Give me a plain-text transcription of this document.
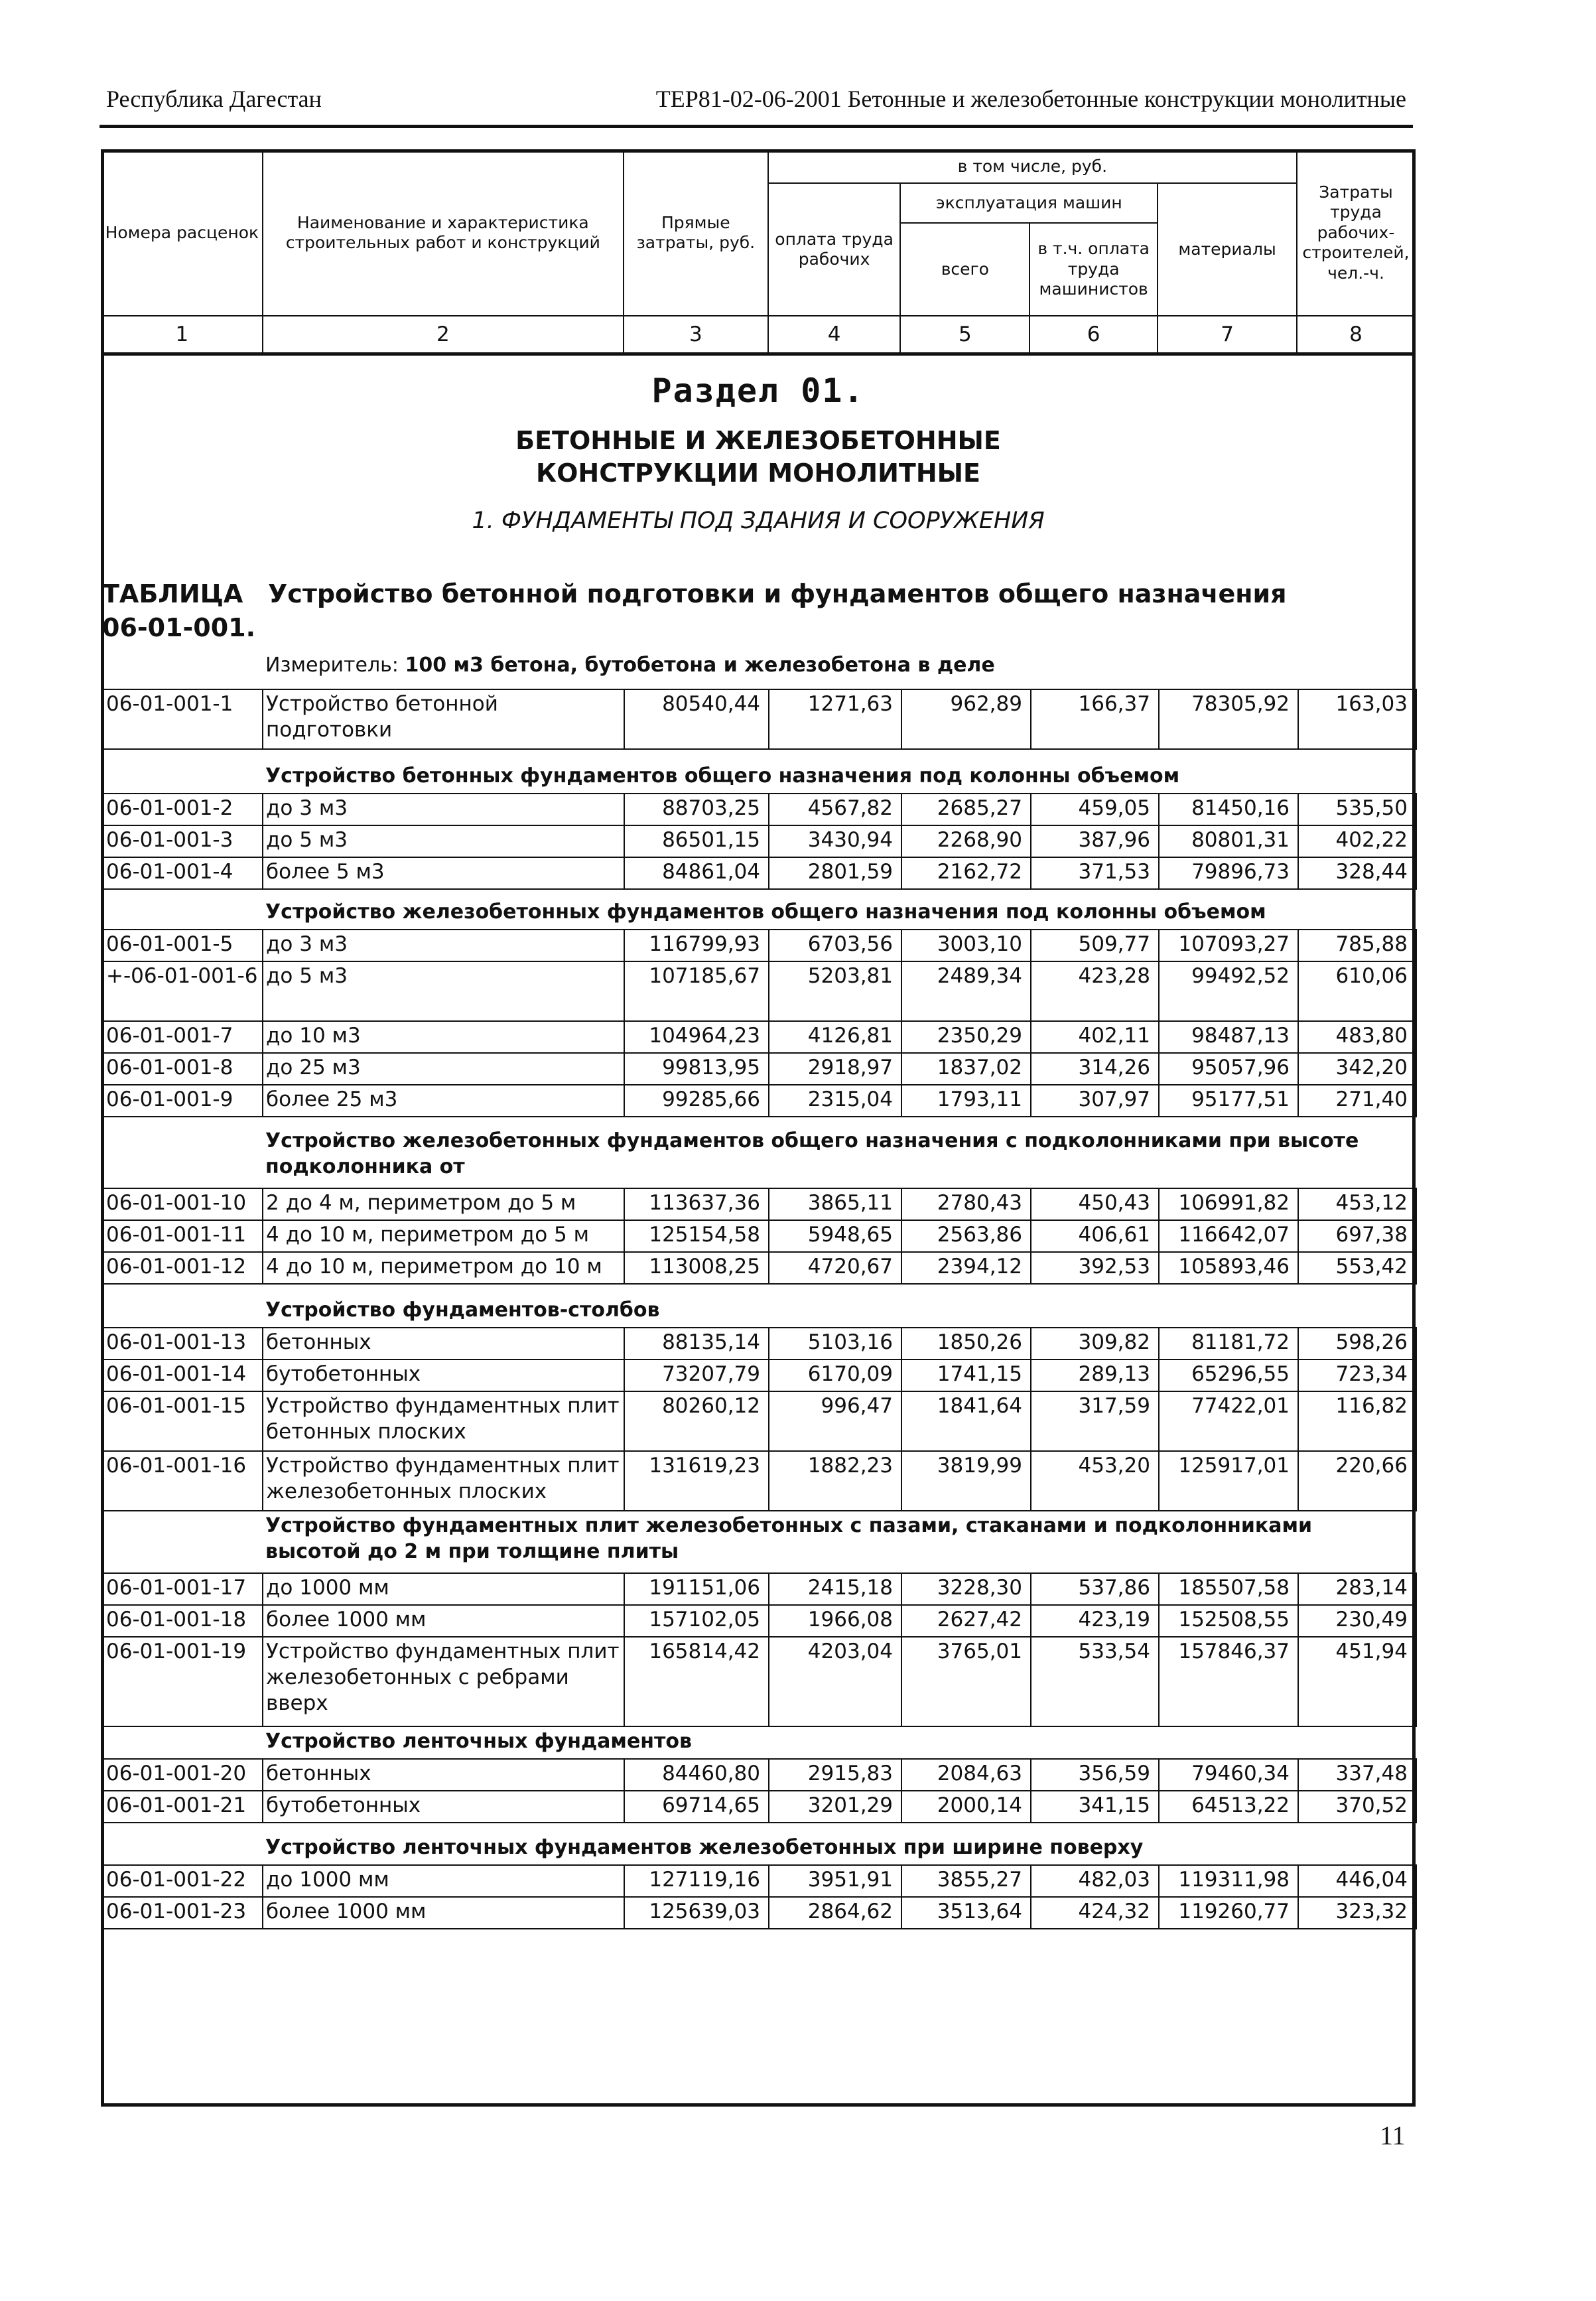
Республика Дагестан	ТЕР81-02-06-2001 Бетонные и железобетонные конструкции монолитные
Номера расценок	Наименование и характеристика строительных работ и конструкций	Прямые затраты, руб.	в том числе, руб.				Затраты труда рабочих-строителей, чел.-ч.
			оплата труда рабочих	эксплуатация машин		материалы	
				всего	в т.ч. оплата труда машинистов		
1	2	3	4	5	6	7	8
Раздел 01.
БЕТОННЫЕ И ЖЕЛЕЗОБЕТОННЫЕ КОНСТРУКЦИИ МОНОЛИТНЫЕ
1. ФУНДАМЕНТЫ ПОД ЗДАНИЯ И СООРУЖЕНИЯ
ТАБЛИЦА 06-01-001.Устройство бетонной подготовки и фундаментов общего назначения
Измеритель: 100 м3 бетона, бутобетона и железобетона в деле
Устройство бетонных фундаментов общего назначения под колонны объемом
Устройство железобетонных фундаментов общего назначения под колонны объемом
Устройство железобетонных фундаментов общего назначения с подколонниками при высоте подколонника от
Устройство фундаментов-столбов
Устройство фундаментных плит железобетонных с пазами, стаканами и подколонниками высотой до 2 м при толщине плиты
Устройство ленточных фундаментов
Устройство ленточных фундаментов железобетонных при ширине поверху
06-01-001-1	Устройство бетонной подготовки	80540,44	1271,63	962,89	166,37	78305,92	163,03
06-01-001-2	до 3 м3	88703,25	4567,82	2685,27	459,05	81450,16	535,50
06-01-001-3	до 5 м3	86501,15	3430,94	2268,90	387,96	80801,31	402,22
06-01-001-4	более 5 м3	84861,04	2801,59	2162,72	371,53	79896,73	328,44
06-01-001-5	до 3 м3	116799,93	6703,56	3003,10	509,77	107093,27	785,88
+-06-01-001-6	до 5 м3	107185,67	5203,81	2489,34	423,28	99492,52	610,06
06-01-001-7	до 10 м3	104964,23	4126,81	2350,29	402,11	98487,13	483,80
06-01-001-8	до 25 м3	99813,95	2918,97	1837,02	314,26	95057,96	342,20
06-01-001-9	более 25 м3	99285,66	2315,04	1793,11	307,97	95177,51	271,40
06-01-001-10	2 до 4 м, периметром до 5 м	113637,36	3865,11	2780,43	450,43	106991,82	453,12
06-01-001-11	4 до 10 м, периметром до 5 м	125154,58	5948,65	2563,86	406,61	116642,07	697,38
06-01-001-12	4 до 10 м, периметром до 10 м	113008,25	4720,67	2394,12	392,53	105893,46	553,42
06-01-001-13	бетонных	88135,14	5103,16	1850,26	309,82	81181,72	598,26
06-01-001-14	бутобетонных	73207,79	6170,09	1741,15	289,13	65296,55	723,34
06-01-001-15	Устройство фундаментных плит бетонных плоских	80260,12	996,47	1841,64	317,59	77422,01	116,82
06-01-001-16	Устройство фундаментных плит железобетонных плоских	131619,23	1882,23	3819,99	453,20	125917,01	220,66
06-01-001-17	до 1000 мм	191151,06	2415,18	3228,30	537,86	185507,58	283,14
06-01-001-18	более 1000 мм	157102,05	1966,08	2627,42	423,19	152508,55	230,49
06-01-001-19	Устройство фундаментных плит железобетонных с ребрами вверх	165814,42	4203,04	3765,01	533,54	157846,37	451,94
06-01-001-20	бетонных	84460,80	2915,83	2084,63	356,59	79460,34	337,48
06-01-001-21	бутобетонных	69714,65	3201,29	2000,14	341,15	64513,22	370,52
06-01-001-22	до 1000 мм	127119,16	3951,91	3855,27	482,03	119311,98	446,04
06-01-001-23	более 1000 мм	125639,03	2864,62	3513,64	424,32	119260,77	323,32
11
